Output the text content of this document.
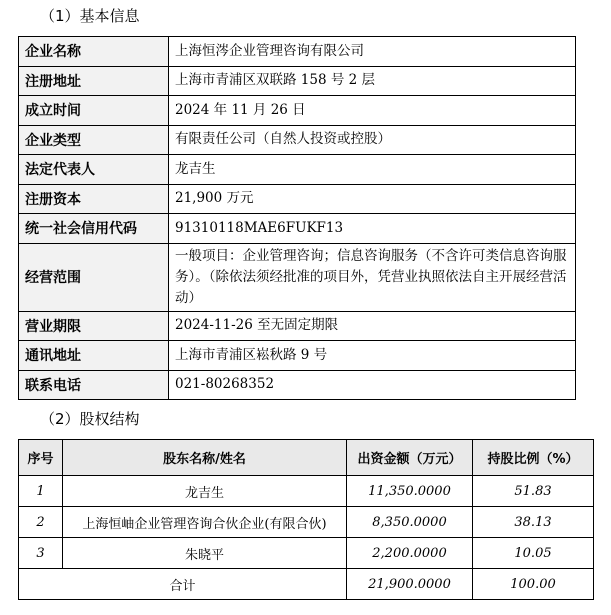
（1）基本信息
企业名称	上海恒涔企业管理咨询有限公司
注册地址	上海市青浦区双联路 158 号 2 层
成立时间	2024 年 11 月 26 日
企业类型	有限责任公司（自然人投资或控股）
法定代表人	龙吉生
注册资本	21,900 万元
统一社会信用代码	91310118MAE6FUKF13
经营范围	一般项目：企业管理咨询；信息咨询服务（不含许可类信息咨询服务）。（除依法须经批准的项目外，凭营业执照依法自主开展经营活动）
营业期限	2024-11-26 至无固定期限
通讯地址	上海市青浦区崧秋路 9 号
联系电话	021-80268352
（2）股权结构
序号	股东名称/姓名	出资金额（万元）	持股比例（%）
1	龙吉生	11,350.0000	51.83
2	上海恒岫企业管理咨询合伙企业(有限合伙)	8,350.0000	38.13
3	朱晓平	2,200.0000	10.05
合计		21,900.0000	100.00
